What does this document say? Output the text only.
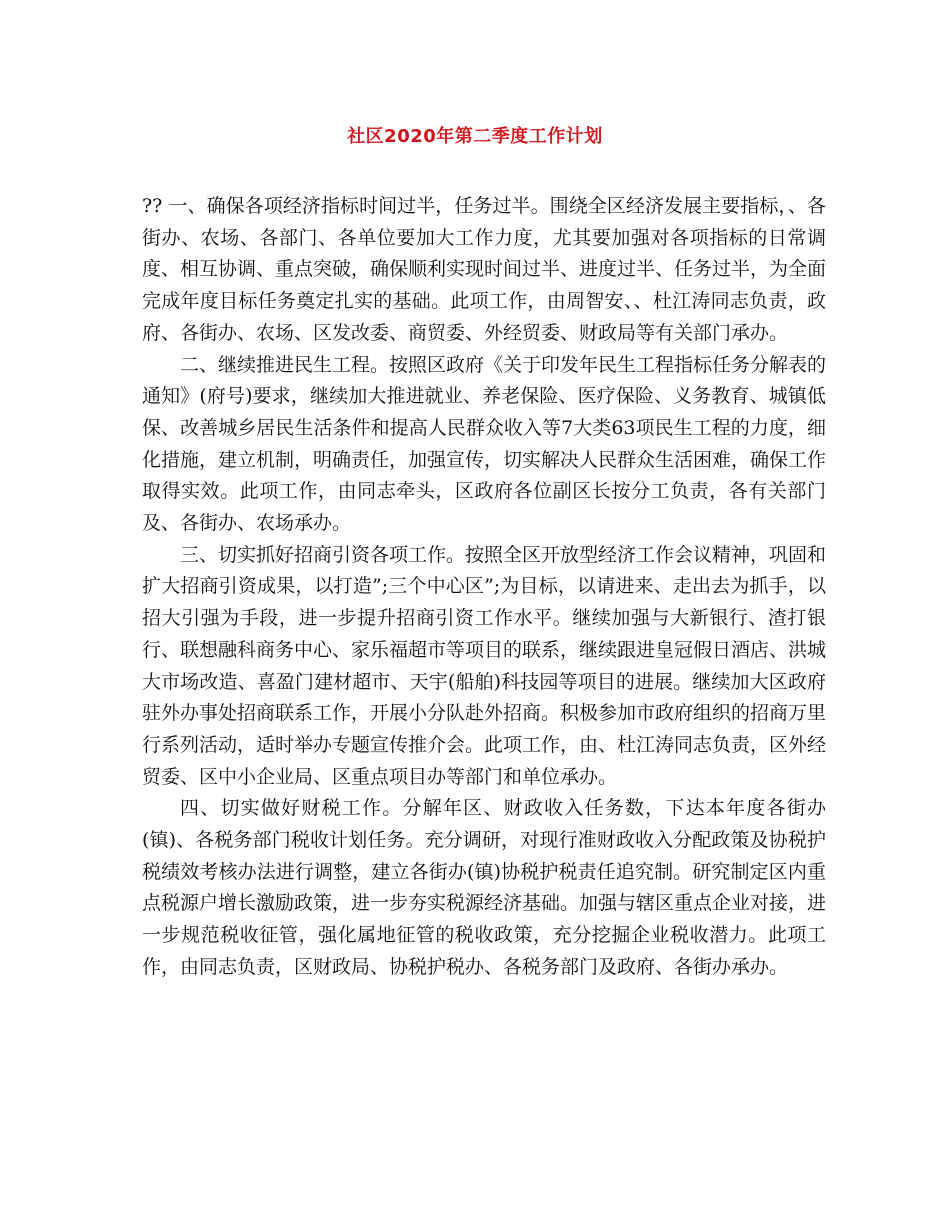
社区2020年第二季度工作计划

?? 一、确保各项经济指标时间过半，任务过半。围绕全区经济发展主要指标，、各街办、农场、各部门、各单位要加大工作力度，尤其要加强对各项指标的日常调度、相互协调、重点突破，确保顺利实现时间过半、进度过半、任务过半，为全面完成年度目标任务奠定扎实的基础。此项工作，由周智安、、杜江涛同志负责，政府、各街办、农场、区发改委、商贸委、外经贸委、财政局等有关部门承办。

二、继续推进民生工程。按照区政府《关于印发年民生工程指标任务分解表的通知》(府号)要求，继续加大推进就业、养老保险、医疗保险、义务教育、城镇低保、改善城乡居民生活条件和提高人民群众收入等7大类63项民生工程的力度，细化措施，建立机制，明确责任，加强宣传，切实解决人民群众生活困难，确保工作取得实效。此项工作，由同志牵头，区政府各位副区长按分工负责，各有关部门及、各街办、农场承办。

三、切实抓好招商引资各项工作。按照全区开放型经济工作会议精神，巩固和扩大招商引资成果，以打造”;三个中心区”;为目标，以请进来、走出去为抓手，以招大引强为手段，进一步提升招商引资工作水平。继续加强与大新银行、渣打银行、联想融科商务中心、家乐福超市等项目的联系，继续跟进皇冠假日酒店、洪城大市场改造、喜盈门建材超市、天宇(船舶)科技园等项目的进展。继续加大区政府驻外办事处招商联系工作，开展小分队赴外招商。积极参加市政府组织的招商万里行系列活动，适时举办专题宣传推介会。此项工作，由、杜江涛同志负责，区外经贸委、区中小企业局、区重点项目办等部门和单位承办。

四、切实做好财税工作。分解年区、财政收入任务数，下达本年度各街办(镇)、各税务部门税收计划任务。充分调研，对现行准财政收入分配政策及协税护税绩效考核办法进行调整，建立各街办(镇)协税护税责任追究制。研究制定区内重点税源户增长激励政策，进一步夯实税源经济基础。加强与辖区重点企业对接，进一步规范税收征管，强化属地征管的税收政策，充分挖掘企业税收潜力。此项工作，由同志负责，区财政局、协税护税办、各税务部门及政府、各街办承办。
